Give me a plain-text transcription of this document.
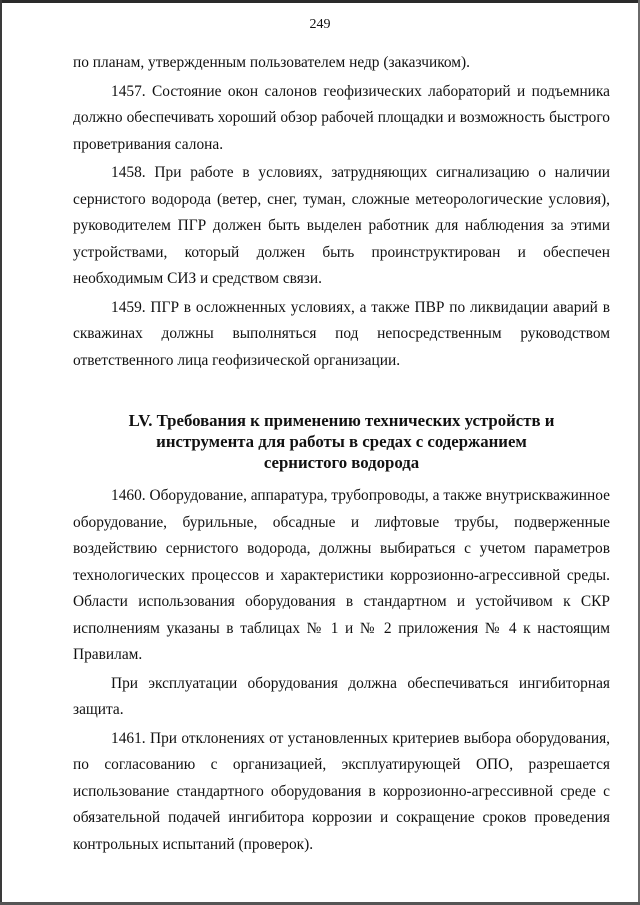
249

по планам, утвержденным пользователем недр (заказчиком).

1457. Состояние окон салонов геофизических лабораторий и подъемника должно обеспечивать хороший обзор рабочей площадки и возможность быстрого проветривания салона.

1458. При работе в условиях, затрудняющих сигнализацию о наличии сернистого водорода (ветер, снег, туман, сложные метеорологические условия), руководителем ПГР должен быть выделен работник для наблюдения за этими устройствами, который должен быть проинструктирован и обеспечен необходимым СИЗ и средством связи.

1459. ПГР в осложненных условиях, а также ПВР по ликвидации аварий в скважинах должны выполняться под непосредственным руководством ответственного лица геофизической организации.

LV. Требования к применению технических устройств и
инструмента для работы в средах с содержанием
сернистого водорода

1460. Оборудование, аппаратура, трубопроводы, а также внутрискважинное оборудование, бурильные, обсадные и лифтовые трубы, подверженные воздействию сернистого водорода, должны выбираться с учетом параметров технологических процессов и характеристики коррозионно-агрессивной среды. Области использования оборудования в стандартном и устойчивом к СКР исполнениям указаны в таблицах № 1 и № 2 приложения № 4 к настоящим Правилам.

При эксплуатации оборудования должна обеспечиваться ингибиторная защита.

1461. При отклонениях от установленных критериев выбора оборудования, по согласованию с организацией, эксплуатирующей ОПО, разрешается использование стандартного оборудования в коррозионно-агрессивной среде с обязательной подачей ингибитора коррозии и сокращение сроков проведения контрольных испытаний (проверок).
